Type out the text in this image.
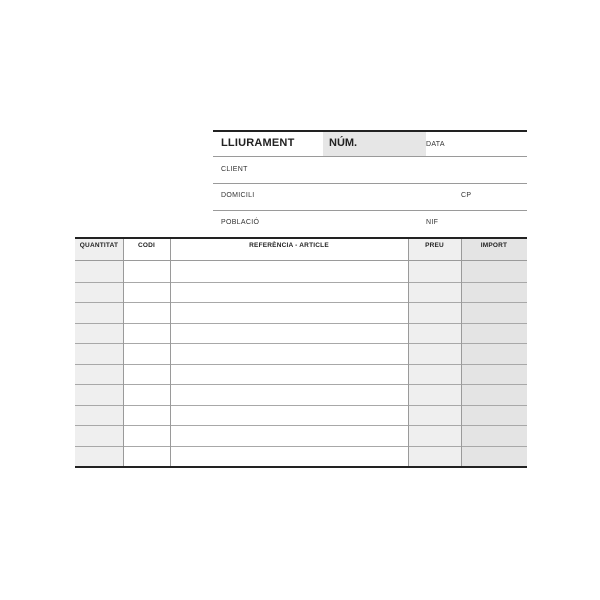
LLIURAMENT	NÚM.	DATA
CLIENT
DOMICILI	CP
POBLACIÓ	NIF
QUANTITAT	CODI	REFERÈNCIA - ARTICLE	PREU	IMPORT
